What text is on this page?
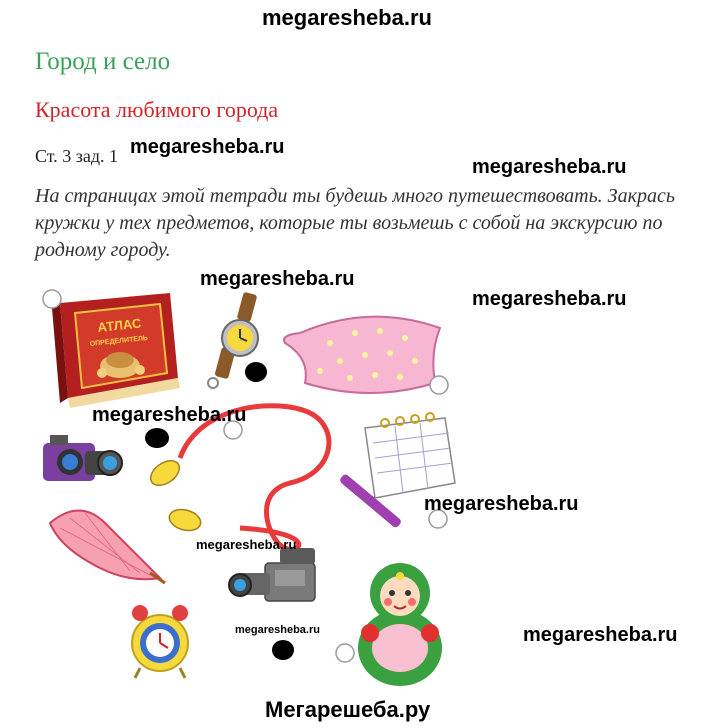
megaresheba.ru
Город и село
Красота любимого города
Ст. 3 зад. 1 megaresheba.ru
megaresheba.ru
На страницах этой тетради ты будешь много путешествовать. Закрась кружки у тех предметов, которые ты возьмешь с собой на экскурсию по родному городу.
АТЛАС
ОПРЕДЕЛИТЕЛЬ
megaresheba.ru
megaresheba.ru
megaresheba.ru
megaresheba.ru
megaresheba.ru
megaresheba.ru	megaresheba.ru
Мегарешеба.ру
